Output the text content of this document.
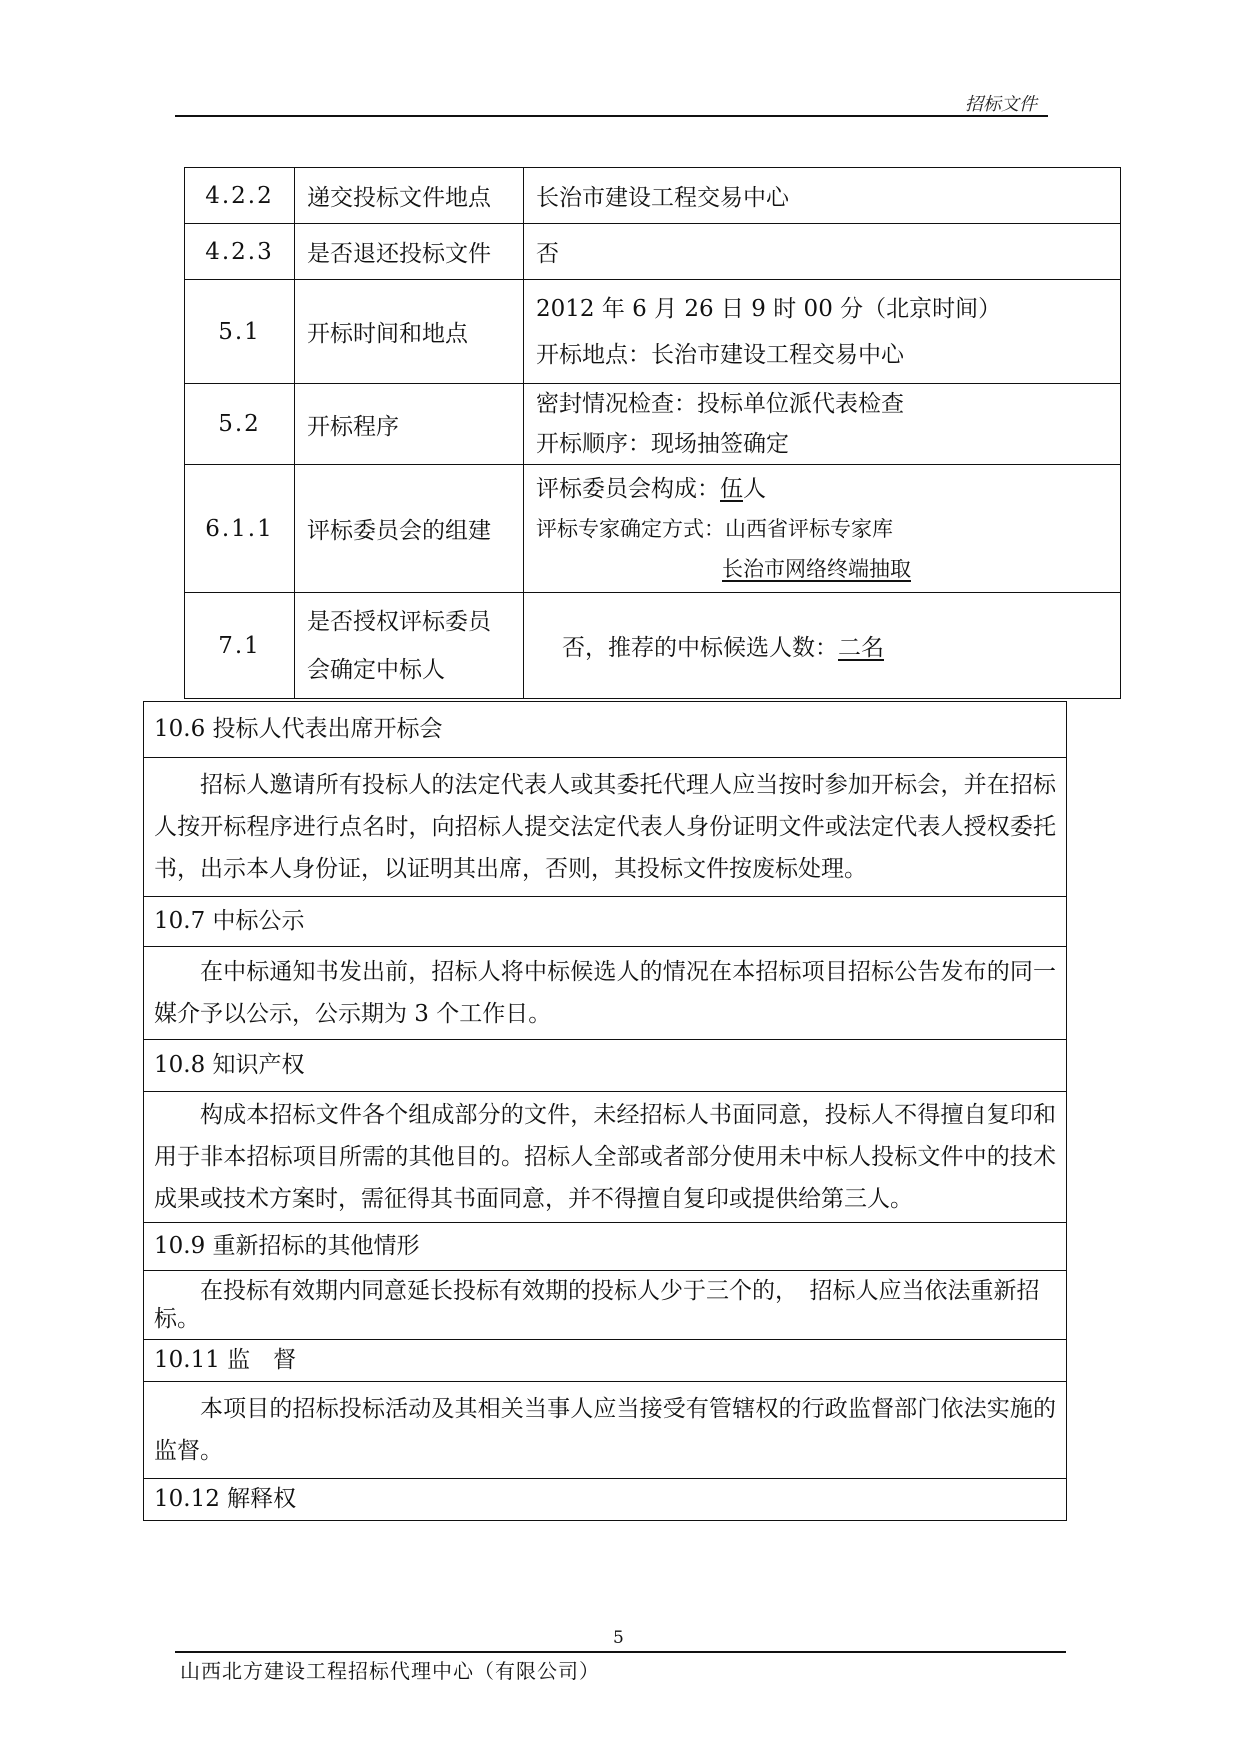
招标文件
4.2.2	递交投标文件地点	长治市建设工程交易中心
4.2.3	是否退还投标文件	否
5.1	开标时间和地点	2012 年 6 月 26 日 9 时 00 分（北京时间）
开标地点：长治市建设工程交易中心

5.2	开标程序	密封情况检查：投标单位派代表检查
开标顺序：现场抽签确定

6.1.1	评标委员会的组建	评标委员会构成：伍人
评标专家确定方式：山西省评标专家库
长治市网络终端抽取

7.1	是否授权评标委员会确定中标人	否，推荐的中标候选人数：二名
10.6 投标人代表出席开标会
招标人邀请所有投标人的法定代表人或其委托代理人应当按时参加开标会，并在招标人按开标程序进行点名时，向招标人提交法定代表人身份证明文件或法定代表人授权委托书，出示本人身份证，以证明其出席，否则，其投标文件按废标处理。
10.7 中标公示
在中标通知书发出前，招标人将中标候选人的情况在本招标项目招标公告发布的同一媒介予以公示，公示期为 3 个工作日。
10.8 知识产权
构成本招标文件各个组成部分的文件，未经招标人书面同意，投标人不得擅自复印和用于非本招标项目所需的其他目的。招标人全部或者部分使用未中标人投标文件中的技术成果或技术方案时，需征得其书面同意，并不得擅自复印或提供给第三人。
10.9 重新招标的其他情形
在投标有效期内同意延长投标有效期的投标人少于三个的，　招标人应当依法重新招标。
10.11 监　督
本项目的招标投标活动及其相关当事人应当接受有管辖权的行政监督部门依法实施的监督。
10.12 解释权
5
山西北方建设工程招标代理中心（有限公司）
